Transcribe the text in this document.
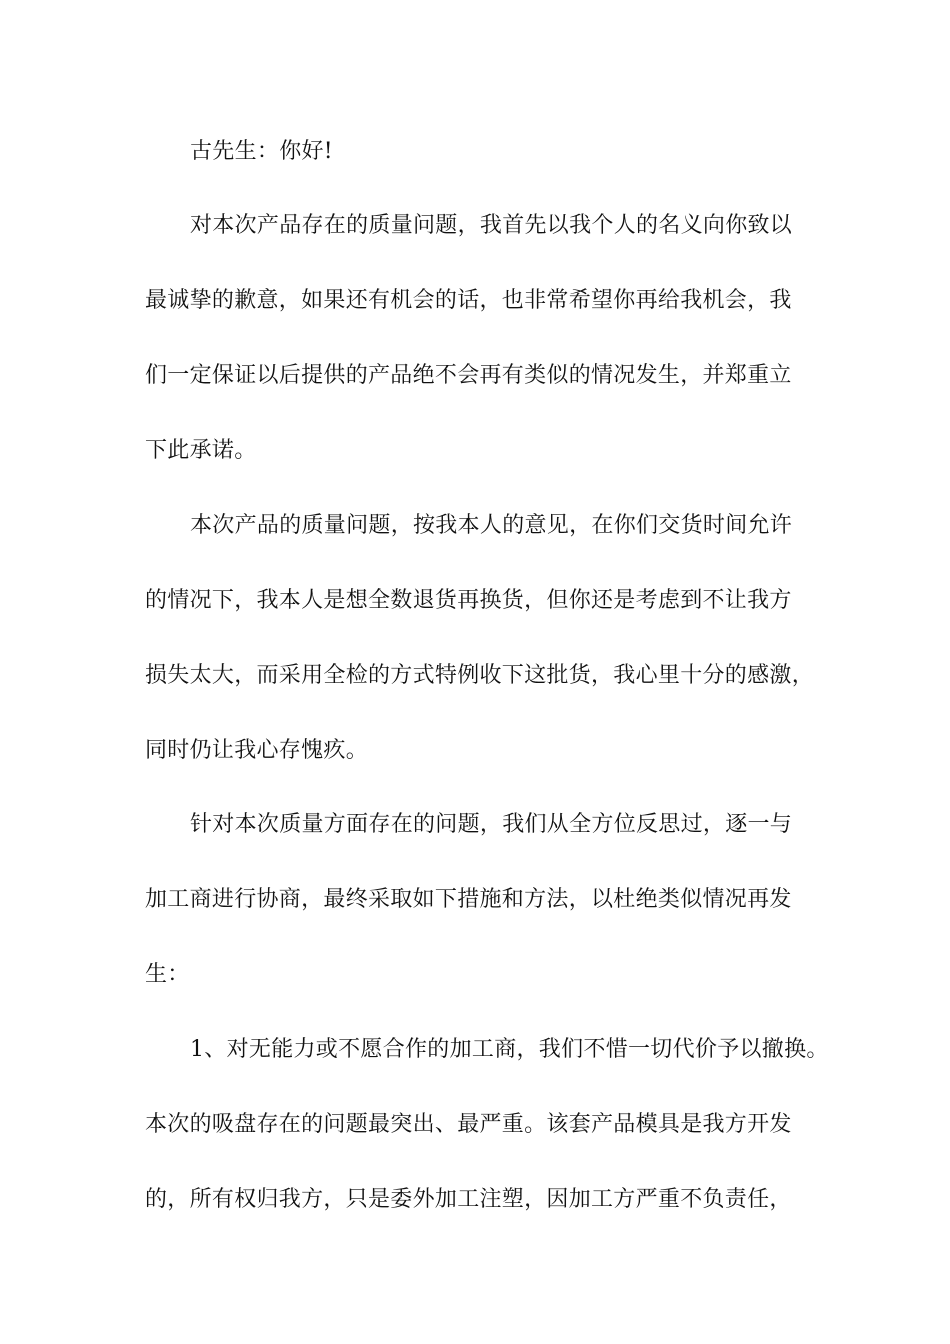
古先生：你好!
对本次产品存在的质量问题，我首先以我个人的名义向你致以
最诚挚的歉意，如果还有机会的话，也非常希望你再给我机会，我
们一定保证以后提供的产品绝不会再有类似的情况发生，并郑重立
下此承诺。
本次产品的质量问题，按我本人的意见，在你们交货时间允许
的情况下，我本人是想全数退货再换货，但你还是考虑到不让我方
损失太大，而采用全检的方式特例收下这批货，我心里十分的感激，
同时仍让我心存愧疚。
针对本次质量方面存在的问题，我们从全方位反思过，逐一与
加工商进行协商，最终采取如下措施和方法，以杜绝类似情况再发
生：
1、对无能力或不愿合作的加工商，我们不惜一切代价予以撤换。
本次的吸盘存在的问题最突出、最严重。该套产品模具是我方开发
的，所有权归我方，只是委外加工注塑，因加工方严重不负责任，
